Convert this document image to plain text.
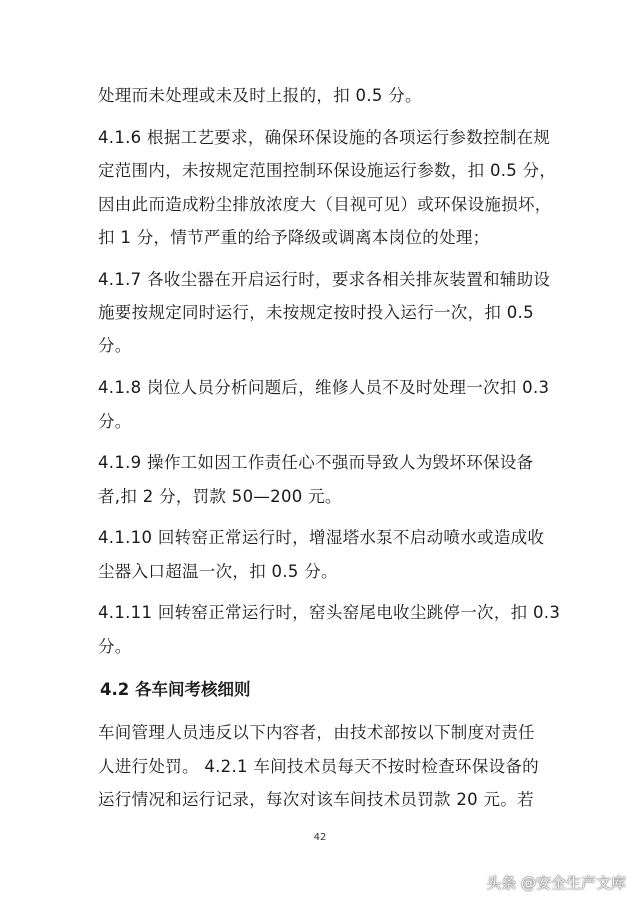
处理而未处理或未及时上报的，扣 0.5 分。
4.1.6 根据工艺要求，确保环保设施的各项运行参数控制在规
定范围内，未按规定范围控制环保设施运行参数，扣 0.5 分，
因由此而造成粉尘排放浓度大（目视可见）或环保设施损坏，
扣 1 分，情节严重的给予降级或调离本岗位的处理；
4.1.7 各收尘器在开启运行时，要求各相关排灰装置和辅助设
施要按规定同时运行，未按规定按时投入运行一次，扣 0.5
分。
4.1.8 岗位人员分析问题后，维修人员不及时处理一次扣 0.3
分。
4.1.9 操作工如因工作责任心不强而导致人为毁坏环保设备
者,扣 2 分，罚款 50—200 元。
4.1.10 回转窑正常运行时，增湿塔水泵不启动喷水或造成收
尘器入口超温一次，扣 0.5 分。
4.1.11 回转窑正常运行时，窑头窑尾电收尘跳停一次，扣 0.3
分。
4.2 各车间考核细则
车间管理人员违反以下内容者，由技术部按以下制度对责任
人进行处罚。 4.2.1 车间技术员每天不按时检查环保设备的
运行情况和运行记录，每次对该车间技术员罚款 20 元。若
42
头条 @安全生产文库
